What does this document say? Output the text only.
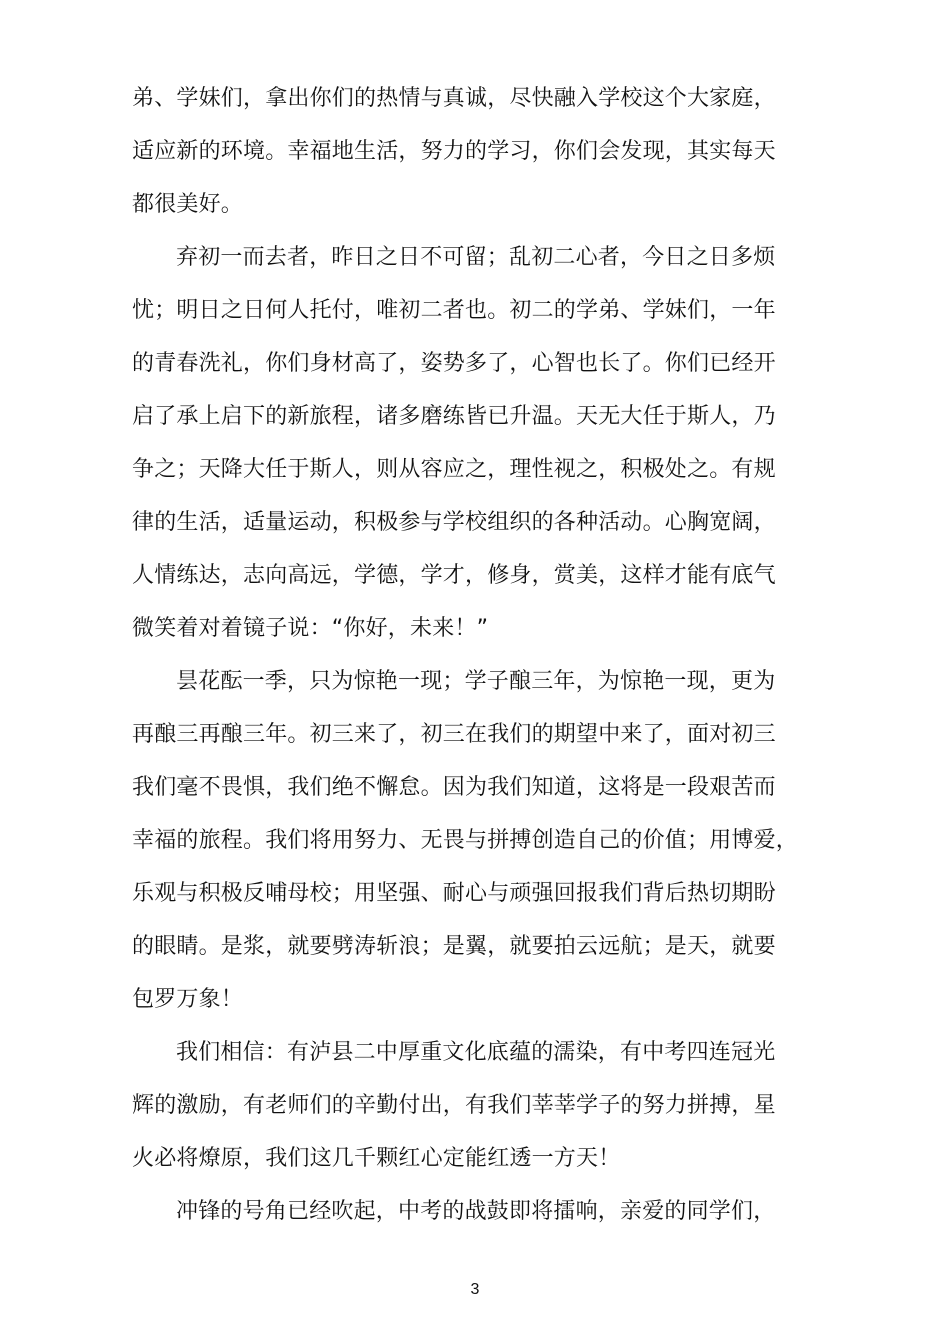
弟、学妹们，拿出你们的热情与真诚，尽快融入学校这个大家庭，
适应新的环境。幸福地生活，努力的学习，你们会发现，其实每天
都很美好。
弃初一而去者，昨日之日不可留；乱初二心者，今日之日多烦
忧；明日之日何人托付，唯初二者也。初二的学弟、学妹们，一年
的青春洗礼，你们身材高了，姿势多了，心智也长了。你们已经开
启了承上启下的新旅程，诸多磨练皆已升温。天无大任于斯人，乃
争之；天降大任于斯人，则从容应之，理性视之，积极处之。有规
律的生活，适量运动，积极参与学校组织的各种活动。心胸宽阔，
人情练达，志向高远，学德，学才，修身，赏美，这样才能有底气
微笑着对着镜子说：“你好，未来！”
昙花酝一季，只为惊艳一现；学子酿三年，为惊艳一现，更为
再酿三再酿三年。初三来了，初三在我们的期望中来了，面对初三
我们毫不畏惧，我们绝不懈怠。因为我们知道，这将是一段艰苦而
幸福的旅程。我们将用努力、无畏与拼搏创造自己的价值；用博爱，
乐观与积极反哺母校；用坚强、耐心与顽强回报我们背后热切期盼
的眼睛。是浆，就要劈涛斩浪；是翼，就要拍云远航；是天，就要
包罗万象！
我们相信：有泸县二中厚重文化底蕴的濡染，有中考四连冠光
辉的激励，有老师们的辛勤付出，有我们莘莘学子的努力拼搏，星
火必将燎原，我们这几千颗红心定能红透一方天！
冲锋的号角已经吹起，中考的战鼓即将擂响，亲爱的同学们，
3
